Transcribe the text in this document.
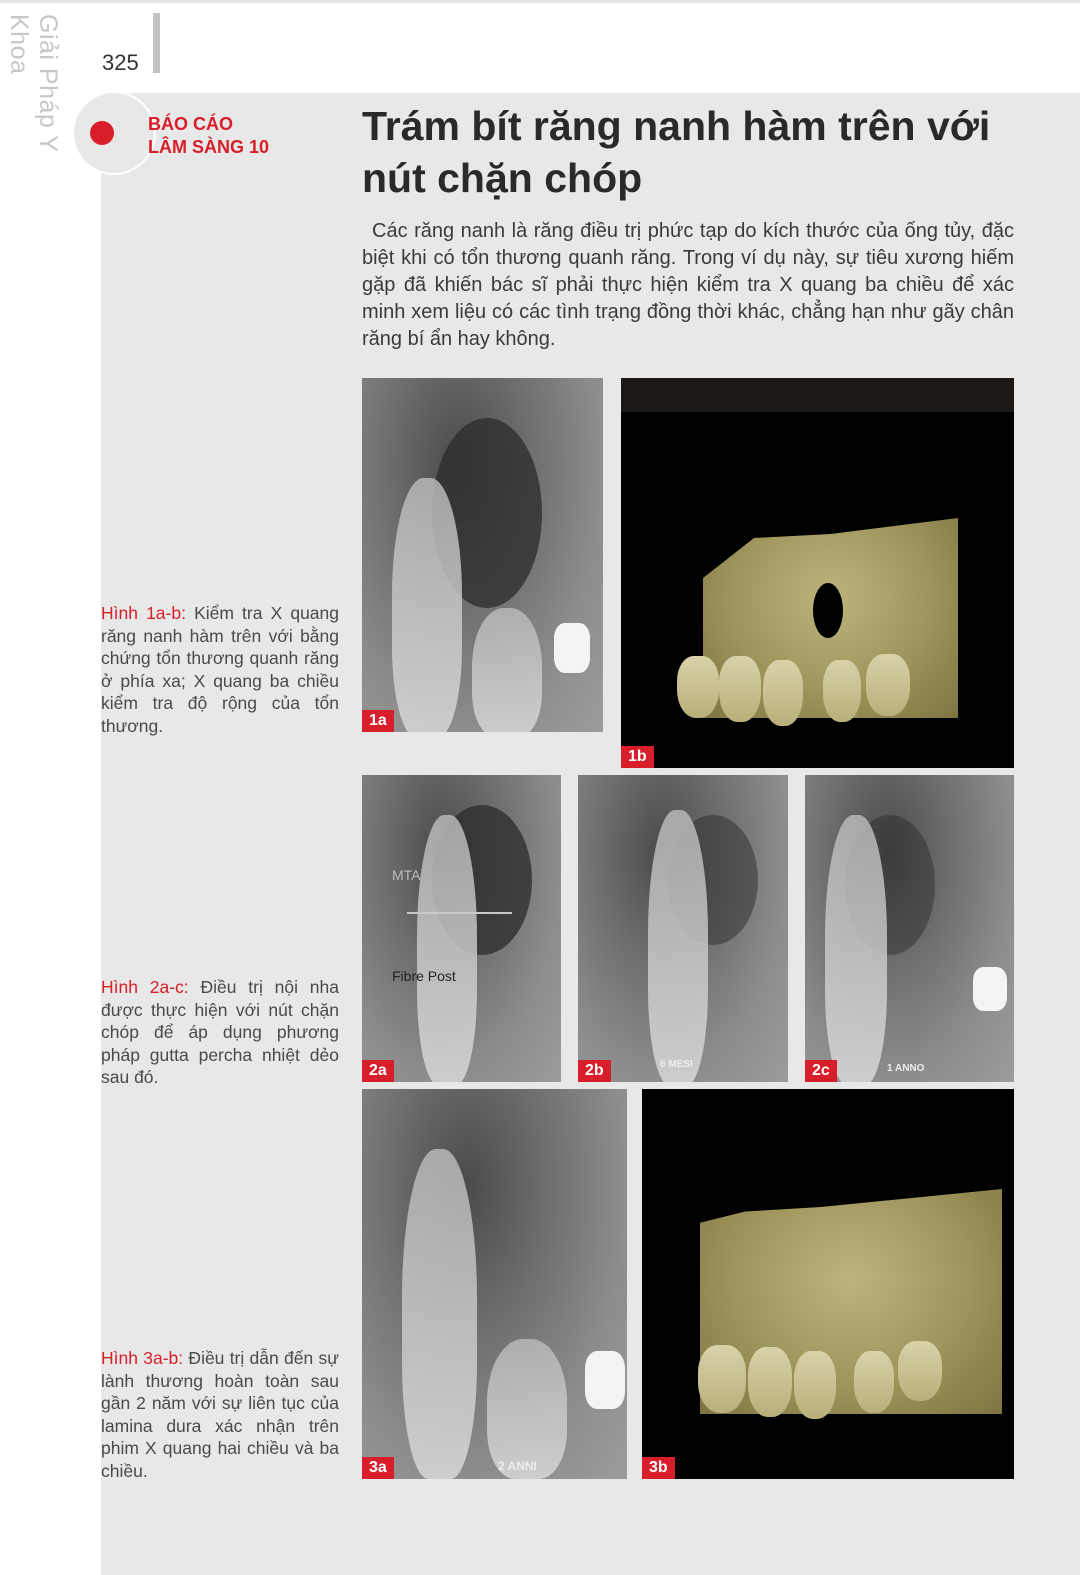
Giải Pháp Y Khoa	325
BÁO CÁO
LÂM SÀNG 10 Trám bít răng nanh hàm trên với nút chặn chóp

Các răng nanh là răng điều trị phức tạp do kích thước của ống tủy, đặc biệt khi có tổn thương quanh răng. Trong ví dụ này, sự tiêu xương hiếm gặp đã khiến bác sĩ phải thực hiện kiểm tra X quang ba chiều để xác minh xem liệu có các tình trạng đồng thời khác, chẳng hạn như gãy chân răng bí ẩn hay không.

Hình 1a-b: Kiểm tra X quang răng nanh hàm trên với bằng chứng tổn thương quanh răng ở phía xa; X quang ba chiều kiểm tra độ rộng của tổn thương.

Hình 2a-c: Điều trị nội nha được thực hiện với nút chặn chóp để áp dụng phương pháp gutta percha nhiệt dẻo sau đó.

Hình 3a-b: Điều trị dẫn đến sự lành thương hoàn toàn sau gần 2 năm với sự liên tục của lamina dura xác nhận trên phim X quang hai chiều và ba chiều.

1a
1b
MTA
Fibre Post
2a	6 MESI
2b	1 ANNO
2c
2 ANNI
3a	3b
